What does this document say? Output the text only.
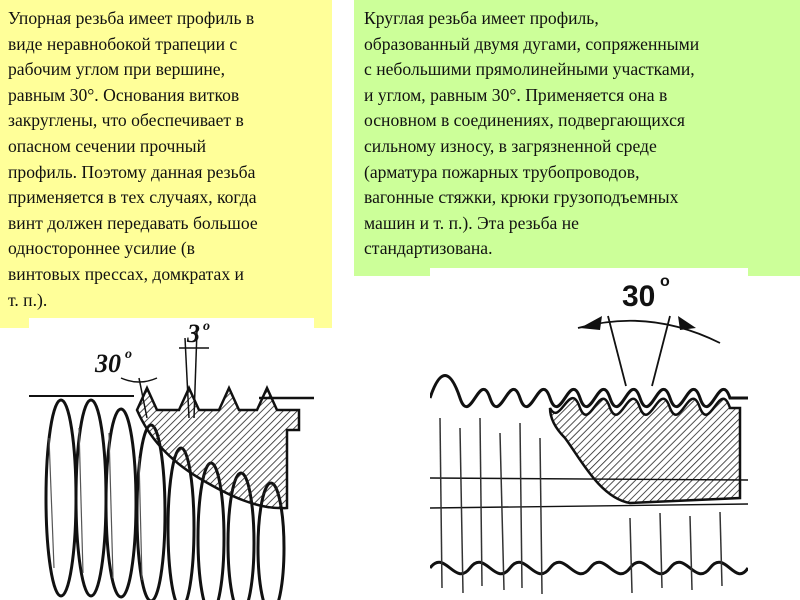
Упорная резьба имеет профиль в
виде неравнобокой трапеции с
рабочим углом при вершине,
равным 30°. Основания витков
закруглены, что обеспечивает в
опасном сечении прочный
профиль. Поэтому данная резьба
применяется в тех случаях, когда
винт должен передавать большое
одностороннее усилие (в
винтовых прессах, домкратах и
т. п.).
Круглая резьба имеет профиль,
образованный двумя дугами, сопряженными
с небольшими прямолинейными участками,
и углом, равным 30°. Применяется она в
основном в соединениях, подвергающихся
сильному износу, в загрязненной среде
(арматура пожарных трубопроводов,
вагонные стяжки, крюки грузоподъемных
машин и т. п.). Эта резьба не
стандартизована.
30 o
3 o
30 o
